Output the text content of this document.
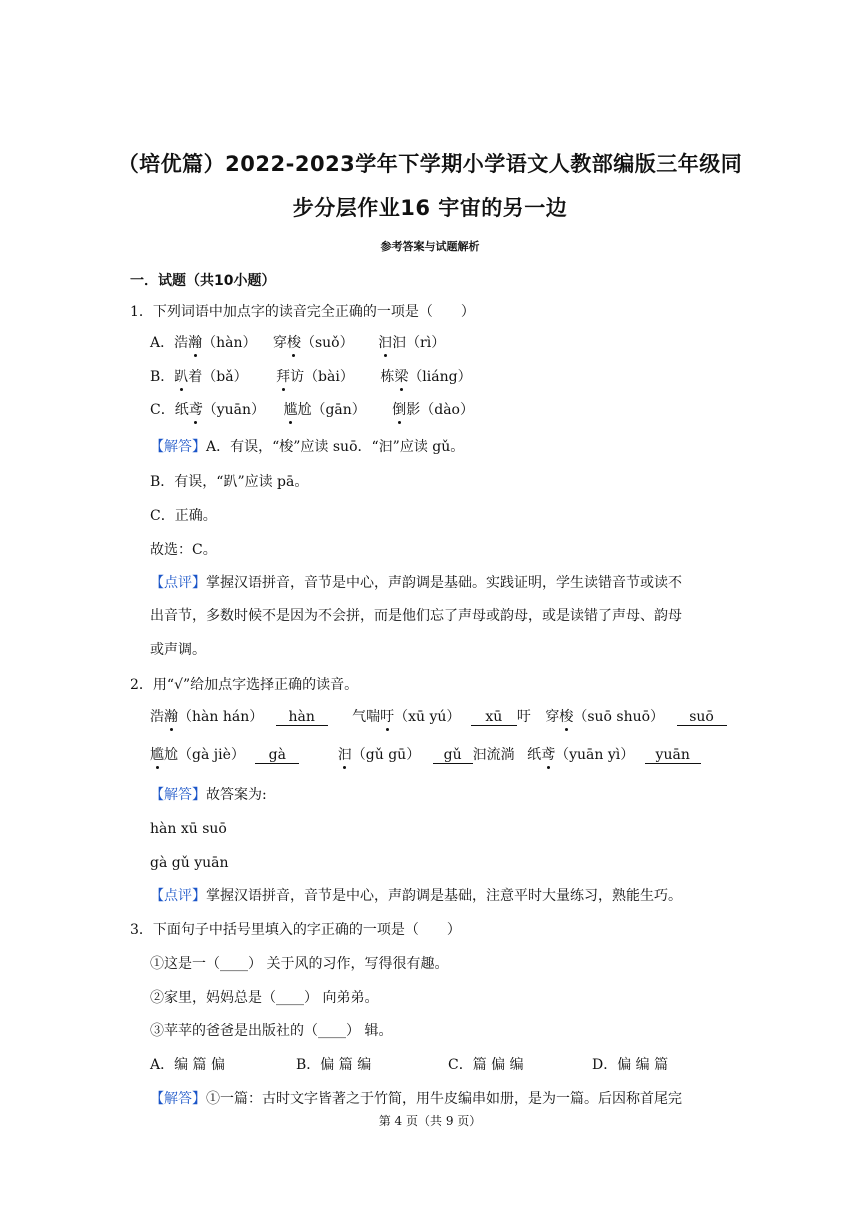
（培优篇）2022-2023学年下学期小学语文人教部编版三年级同
步分层作业16 宇宙的另一边
参考答案与试题解析
一．试题（共10小题）
1．下列词语中加点字的读音完全正确的一项是（　　）
A．浩瀚（hàn） 穿梭（suǒ） 汩汩（rì）
B．趴着（bǎ） 拜访（bài） 栋梁（liáng）
C．纸鸢（yuān） 尴尬（gān） 倒影（dào）
【解答】A．有误，“梭”应读 suō．“汩”应读 gǔ。
B．有误，“趴”应读 pā。
C．正确。
故选：C。
【点评】掌握汉语拼音，音节是中心，声韵调是基础。实践证明，学生读错音节或读不
出音节，多数时候不是因为不会拼，而是他们忘了声母或韵母，或是读错了声母、韵母
或声调。
2．用“√”给加点字选择正确的读音。
浩瀚（hàn hán） hàn	气喘吁（xū yú） xū 吁 穿梭（suō shuō） suō
尴尬（gà jiè） gà	汩（gǔ gū） gǔ 汩流淌 纸鸢（yuān yì） yuān
【解答】故答案为:
hàn xū suō
gà gǔ yuān
【点评】掌握汉语拼音，音节是中心，声韵调是基础，注意平时大量练习，熟能生巧。
3．下面句子中括号里填入的字正确的一项是（　　）
①这是一（____） 关于风的习作，写得很有趣。
②家里，妈妈总是（____） 向弟弟。
③苹苹的爸爸是出版社的（____） 辑。
A．编 篇 偏	B．偏 篇 编	C．篇 偏 编	D．偏 编 篇
【解答】①一篇：古时文字皆著之于竹简，用牛皮编串如册，是为一篇。后因称首尾完
第 4 页（共 9 页）
